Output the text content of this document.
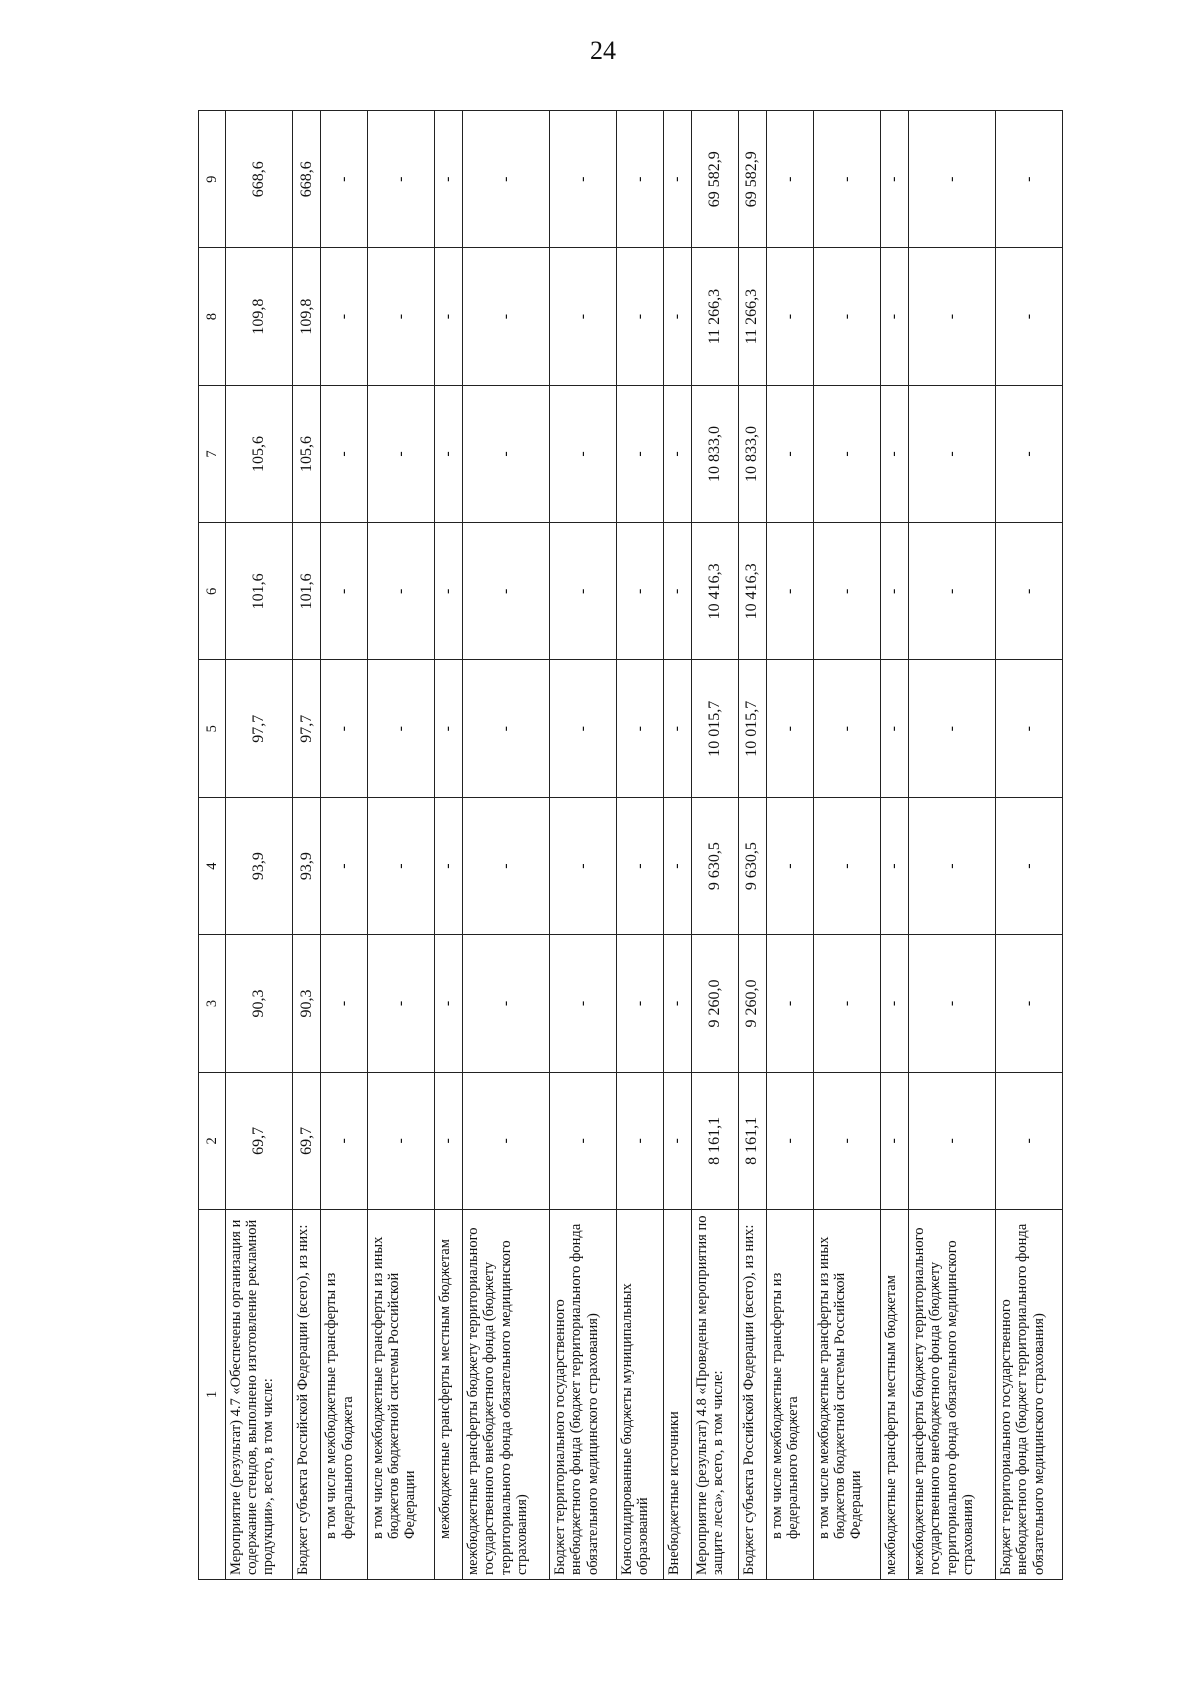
24
1	2	3	4	5	6	7	8	9
Мероприятие (результат) 4.7 «Обеспечены организация и содержание стендов, выполнено изготовление рекламной продукции», всего, в том числе:	69,7	90,3	93,9	97,7	101,6	105,6	109,8	668,6
Бюджет субъекта Российской Федерации (всего), из них:	69,7	90,3	93,9	97,7	101,6	105,6	109,8	668,6
в том числе межбюджетные трансферты из федерального бюджета	-	-	-	-	-	-	-	-
в том числе межбюджетные трансферты из иных бюджетов бюджетной системы Российской Федерации	-	-	-	-	-	-	-	-
межбюджетные трансферты местным бюджетам	-	-	-	-	-	-	-	-
межбюджетные трансферты бюджету территориального государственного внебюджетного фонда (бюджету территориального фонда обязательного медицинского страхования)	-	-	-	-	-	-	-	-
Бюджет территориального государственного внебюджетного фонда (бюджет территориального фонда обязательного медицинского страхования)	-	-	-	-	-	-	-	-
Консолидированные бюджеты муниципальных образований	-	-	-	-	-	-	-	-
Внебюджетные источники	-	-	-	-	-	-	-	-
Мероприятие (результат) 4.8 «Проведены мероприятия по защите леса», всего, в том числе:	8 161,1	9 260,0	9 630,5	10 015,7	10 416,3	10 833,0	11 266,3	69 582,9
Бюджет субъекта Российской Федерации (всего), из них:	8 161,1	9 260,0	9 630,5	10 015,7	10 416,3	10 833,0	11 266,3	69 582,9
в том числе межбюджетные трансферты из федерального бюджета	-	-	-	-	-	-	-	-
в том числе межбюджетные трансферты из иных бюджетов бюджетной системы Российской Федерации	-	-	-	-	-	-	-	-
межбюджетные трансферты местным бюджетам	-	-	-	-	-	-	-	-
межбюджетные трансферты бюджету территориального государственного внебюджетного фонда (бюджету территориального фонда обязательного медицинского страхования)	-	-	-	-	-	-	-	-
Бюджет территориального государственного внебюджетного фонда (бюджет территориального фонда обязательного медицинского страхования)	-	-	-	-	-	-	-	-
